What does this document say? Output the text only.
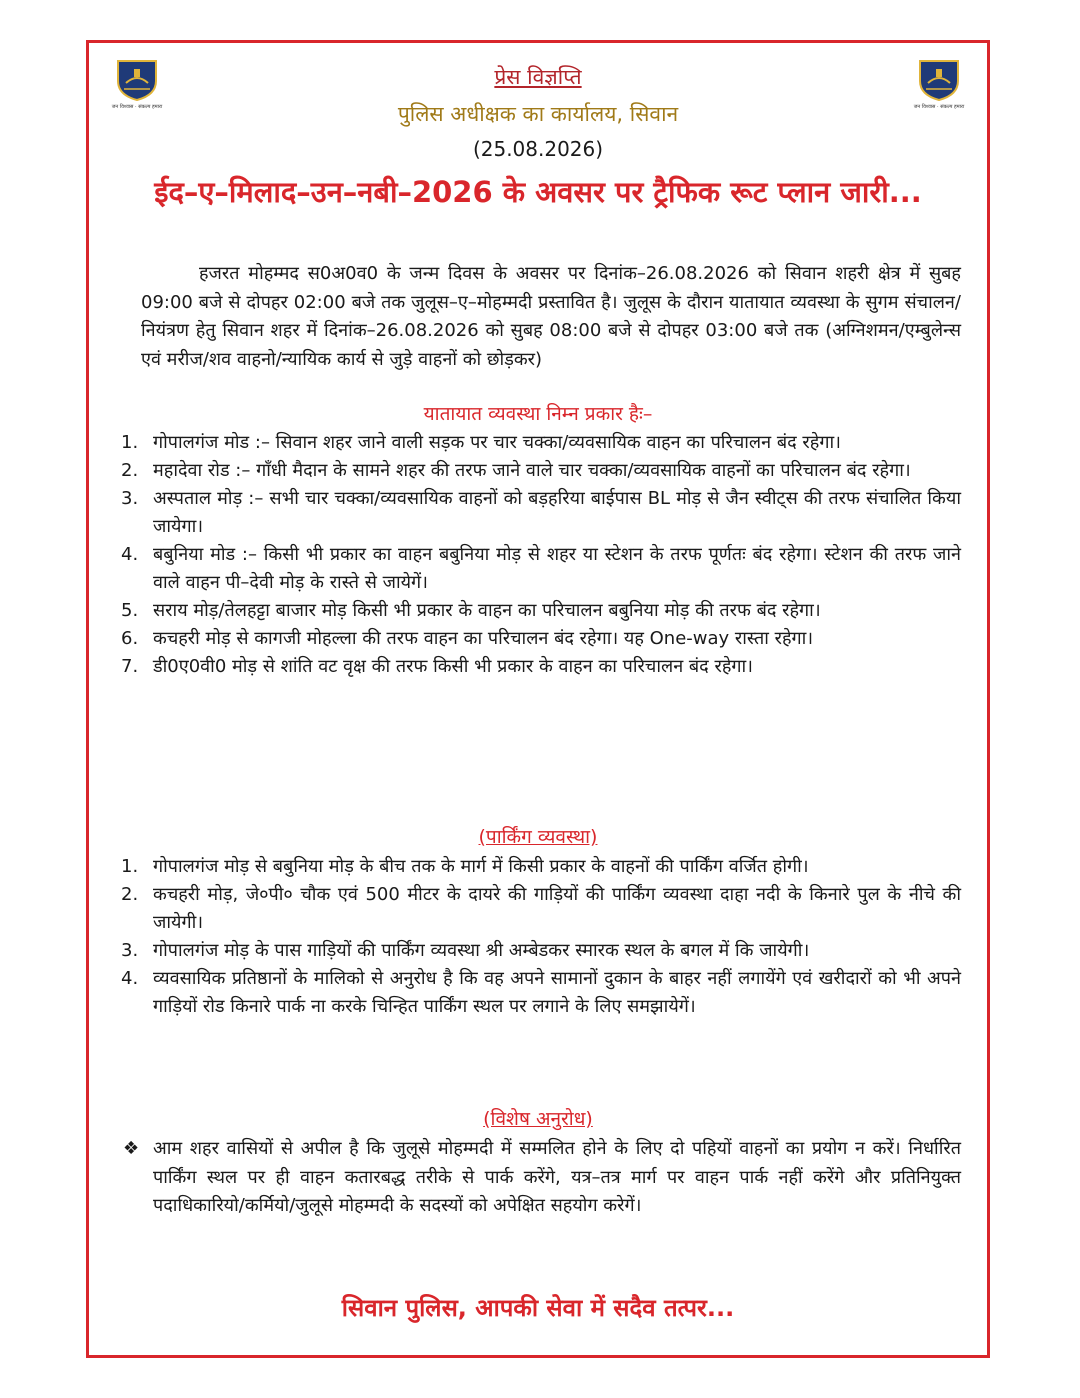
जन विश्वास · संकल्प हमारा	जन विश्वास · संकल्प हमारा
प्रेस विज्ञप्ति
पुलिस अधीक्षक का कार्यालय, सिवान
(25.08.2026)
ईद–ए–मिलाद–उन–नबी–2026 के अवसर पर ट्रैफिक रूट प्लान जारी...
हजरत मोहम्मद स0अ0व0 के जन्म दिवस के अवसर पर दिनांक–26.08.2026 को सिवान शहरी क्षेत्र में सुबह 09:00 बजे से दोपहर 02:00 बजे तक जुलूस–ए–मोहम्मदी प्रस्तावित है। जुलूस के दौरान यातायात व्यवस्था के सुगम संचालन/नियंत्रण हेतु सिवान शहर में दिनांक–26.08.2026 को सुबह 08:00 बजे से दोपहर 03:00 बजे तक (अग्निशमन/एम्बुलेन्स एवं मरीज/शव वाहनो/न्यायिक कार्य से जुड़े वाहनों को छोड़कर)
यातायात व्यवस्था निम्न प्रकार हैः–
1. गोपालगंज मोड :– सिवान शहर जाने वाली सड़क पर चार चक्का/व्यवसायिक वाहन का परिचालन बंद रहेगा।
2. महादेवा रोड :– गाँधी मैदान के सामने शहर की तरफ जाने वाले चार चक्का/व्यवसायिक वाहनों का परिचालन बंद रहेगा।
3. अस्पताल मोड़ :– सभी चार चक्का/व्यवसायिक वाहनों को बड़हरिया बाईपास BL मोड़ से जैन स्वीट्स की तरफ संचालित किया जायेगा।
4. बबुनिया मोड :– किसी भी प्रकार का वाहन बबुनिया मोड़ से शहर या स्टेशन के तरफ पूर्णतः बंद रहेगा। स्टेशन की तरफ जाने वाले वाहन पी–देवी मोड़ के रास्ते से जायेगें।
5. सराय मोड़/तेलहट्टा बाजार मोड़ किसी भी प्रकार के वाहन का परिचालन बबुनिया मोड़ की तरफ बंद रहेगा।
6. कचहरी मोड़ से कागजी मोहल्ला की तरफ वाहन का परिचालन बंद रहेगा। यह One-way रास्ता रहेगा।
7. डी0ए0वी0 मोड़ से शांति वट वृक्ष की तरफ किसी भी प्रकार के वाहन का परिचालन बंद रहेगा।
(पार्किंग व्यवस्था)
1. गोपालगंज मोड़ से बबुनिया मोड़ के बीच तक के मार्ग में किसी प्रकार के वाहनों की पार्किंग वर्जित होगी।
2. कचहरी मोड़, जे०पी० चौक एवं 500 मीटर के दायरे की गाड़ियों की पार्किंग व्यवस्था दाहा नदी के किनारे पुल के नीचे की जायेगी।
3. गोपालगंज मोड़ के पास गाड़ियों की पार्किंग व्यवस्था श्री अम्बेडकर स्मारक स्थल के बगल में कि जायेगी।
4. व्यवसायिक प्रतिष्ठानों के मालिको से अनुरोध है कि वह अपने सामानों दुकान के बाहर नहीं लगायेंगे एवं खरीदारों को भी अपने गाड़ियों रोड किनारे पार्क ना करके चिन्हित पार्किंग स्थल पर लगाने के लिए समझायेगें।
(विशेष अनुरोध)
❖ आम शहर वासियों से अपील है कि जुलूसे मोहम्मदी में सम्मलित होने के लिए दो पहियों वाहनों का प्रयोग न करें। निर्धारित पार्किंग स्थल पर ही वाहन कतारबद्ध तरीके से पार्क करेंगे, यत्र–तत्र मार्ग पर वाहन पार्क नहीं करेंगे और प्रतिनियुक्त पदाधिकारियो/कर्मियो/जुलूसे मोहम्मदी के सदस्यों को अपेक्षित सहयोग करेगें।
सिवान पुलिस, आपकी सेवा में सदैव तत्पर...
